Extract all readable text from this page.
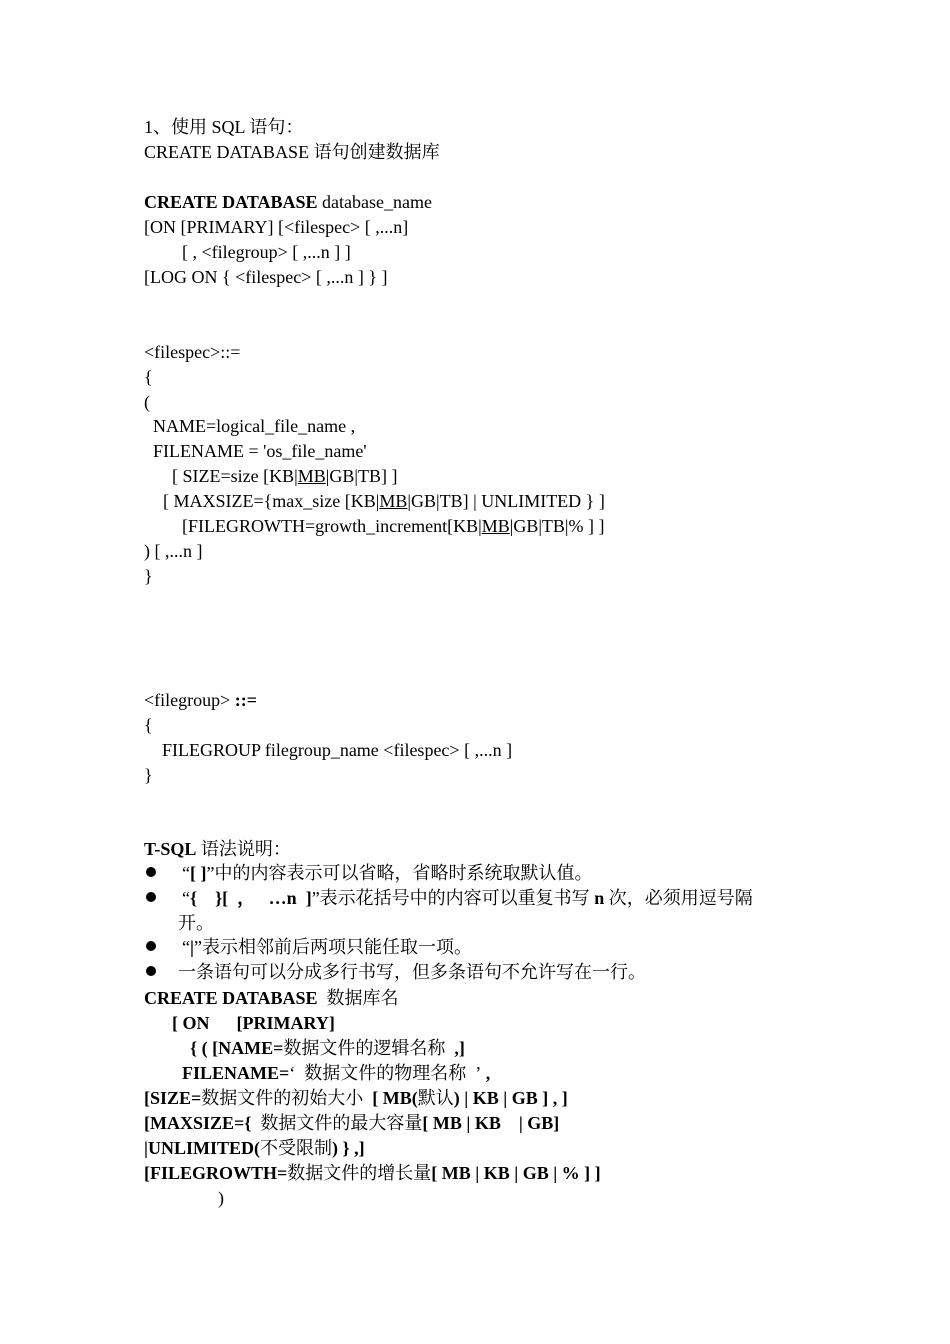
1、使用 SQL 语句：
CREATE DATABASE 语句创建数据库
CREATE DATABASE database_name
[ON [PRIMARY] [<filespec> [ ,...n]
[ , <filegroup> [ ,...n ] ]
[LOG ON { <filespec> [ ,...n ] } ]
<filespec>::=
{
(
NAME=logical_file_name ,
FILENAME = 'os_file_name'
[ SIZE=size [KB|MB|GB|TB] ]
[ MAXSIZE={max_size [KB|MB|GB|TB] | UNLIMITED } ]
[FILEGROWTH=growth_increment[KB|MB|GB|TB|% ] ]
) [ ,...n ]
}
<filegroup> ::=
{
FILEGROUP filegroup_name <filespec> [ ,...n ]
}
T-SQL 语法说明：
“[ ]”中的内容表示可以省略，省略时系统取默认值。
“{    }[  ，   …n  ]”表示花括号中的内容可以重复书写 n 次，必须用逗号隔
开。
“|”表示相邻前后两项只能任取一项。
一条语句可以分成多行书写，但多条语句不允许写在一行。
CREATE DATABASE  数据库名
[ ON      [PRIMARY]
{ ( [NAME=数据文件的逻辑名称  ,]
FILENAME=‘  数据文件的物理名称  ’ ,
[SIZE=数据文件的初始大小  [ MB(默认) | KB | GB ] , ]
[MAXSIZE={  数据文件的最大容量[ MB | KB    | GB]
|UNLIMITED(不受限制) } ,]
[FILEGROWTH=数据文件的增长量[ MB | KB | GB | % ] ]
)
